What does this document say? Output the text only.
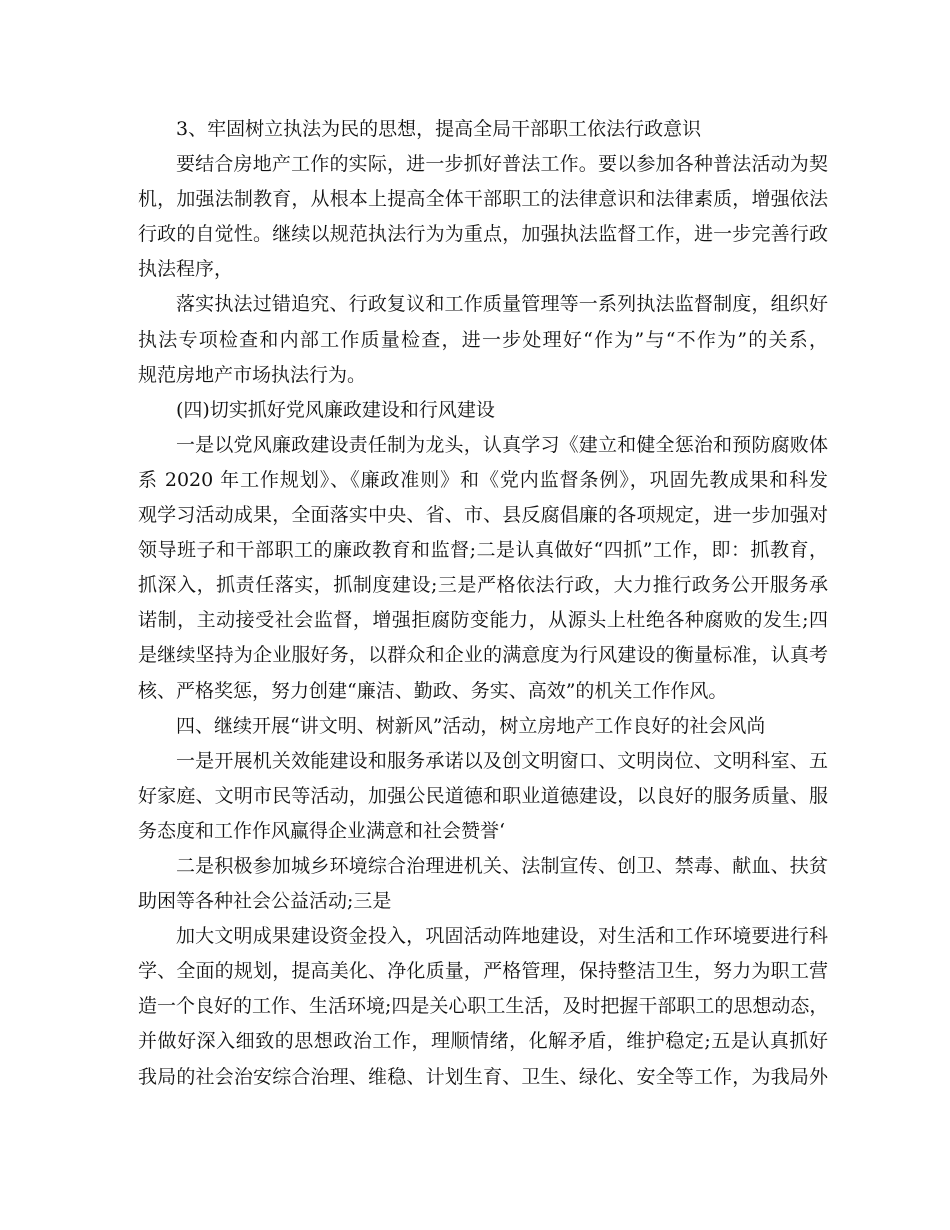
3、牢固树立执法为民的思想，提高全局干部职工依法行政意识
要结合房地产工作的实际，进一步抓好普法工作。要以参加各种普法活动为契
机，加强法制教育，从根本上提高全体干部职工的法律意识和法律素质，增强依法
行政的自觉性。继续以规范执法行为为重点，加强执法监督工作，进一步完善行政
执法程序，
落实执法过错追究、行政复议和工作质量管理等一系列执法监督制度，组织好
执法专项检查和内部工作质量检查，进一步处理好“作为”与“不作为”的关系，
规范房地产市场执法行为。
(四)切实抓好党风廉政建设和行风建设
一是以党风廉政建设责任制为龙头，认真学习《建立和健全惩治和预防腐败体
系 2020 年工作规划》、《廉政准则》和《党内监督条例》，巩固先教成果和科发
观学习活动成果，全面落实中央、省、市、县反腐倡廉的各项规定，进一步加强对
领导班子和干部职工的廉政教育和监督;二是认真做好“四抓”工作，即：抓教育，
抓深入，抓责任落实，抓制度建设;三是严格依法行政，大力推行政务公开服务承
诺制，主动接受社会监督，增强拒腐防变能力，从源头上杜绝各种腐败的发生;四
是继续坚持为企业服好务，以群众和企业的满意度为行风建设的衡量标准，认真考
核、严格奖惩，努力创建“廉洁、勤政、务实、高效”的机关工作作风。
四、继续开展“讲文明、树新风”活动，树立房地产工作良好的社会风尚
一是开展机关效能建设和服务承诺以及创文明窗口、文明岗位、文明科室、五
好家庭、文明市民等活动，加强公民道德和职业道德建设，以良好的服务质量、服
务态度和工作作风赢得企业满意和社会赞誉‘
二是积极参加城乡环境综合治理进机关、法制宣传、创卫、禁毒、献血、扶贫
助困等各种社会公益活动;三是
加大文明成果建设资金投入，巩固活动阵地建设，对生活和工作环境要进行科
学、全面的规划，提高美化、净化质量，严格管理，保持整洁卫生，努力为职工营
造一个良好的工作、生活环境;四是关心职工生活，及时把握干部职工的思想动态，
并做好深入细致的思想政治工作，理顺情绪，化解矛盾，维护稳定;五是认真抓好
我局的社会治安综合治理、维稳、计划生育、卫生、绿化、安全等工作，为我局外
